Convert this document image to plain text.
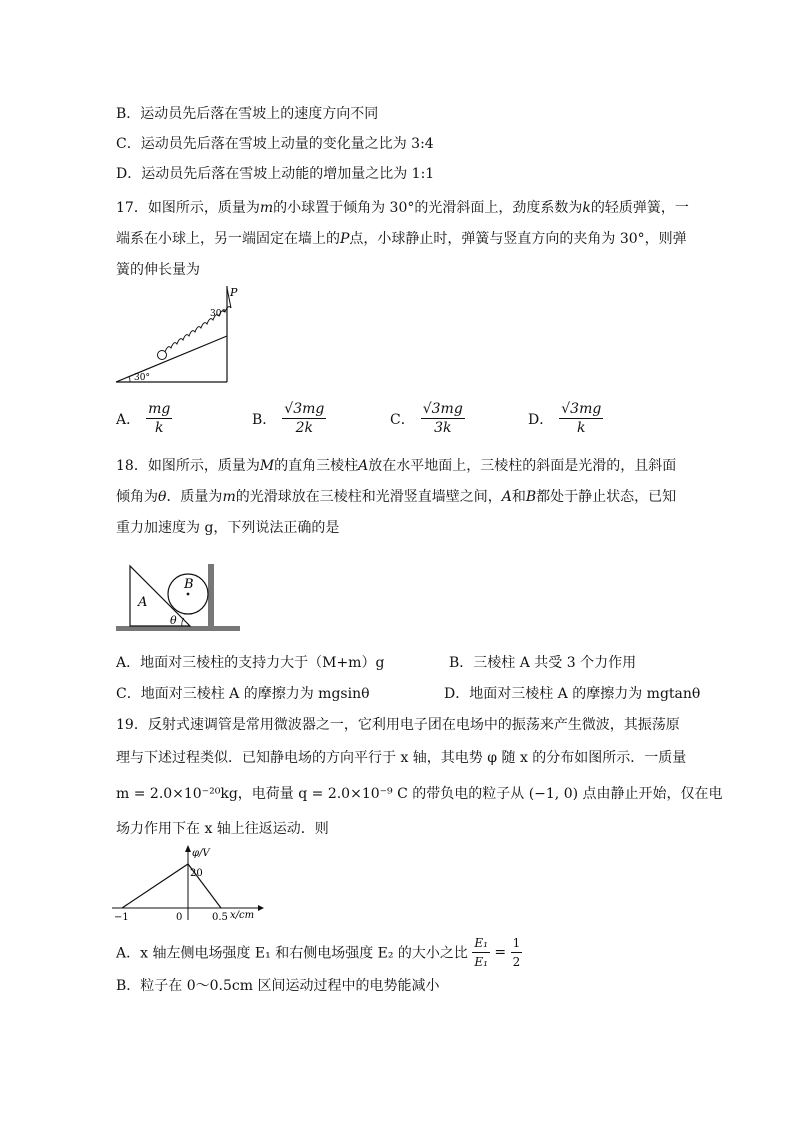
B．运动员先后落在雪坡上的速度方向不同
C．运动员先后落在雪坡上动量的变化量之比为 3:4
D．运动员先后落在雪坡上动能的增加量之比为 1:1
17．如图所示，质量为m的小球置于倾角为 30°的光滑斜面上，劲度系数为k的轻质弹簧，一
端系在小球上，另一端固定在墙上的P点，小球静止时，弹簧与竖直方向的夹角为 30°，则弹
簧的伸长量为
P
30°
30°
A． $\frac{mg}{k}$	B． $\frac{√3mg}{2k}$	C． $\frac{√3mg}{3k}$	D． $\frac{√3mg}{k}$
18．如图所示，质量为M的直角三棱柱A放在水平地面上，三棱柱的斜面是光滑的，且斜面
倾角为θ．质量为m的光滑球放在三棱柱和光滑竖直墙壁之间，A和B都处于静止状态，已知
重力加速度为 g，下列说法正确的是
A
B
θ
A．地面对三棱柱的支持力大于（M+m）g	B．三棱柱 A 共受 3 个力作用
C．地面对三棱柱 A 的摩擦力为 mgsinθ	D．地面对三棱柱 A 的摩擦力为 mgtanθ
19．反射式速调管是常用微波器之一，它利用电子团在电场中的振荡来产生微波，其振荡原
理与下述过程类似．已知静电场的方向平行于 x 轴，其电势 φ 随 x 的分布如图所示．一质量
m = 2.0×10⁻²⁰kg，电荷量 q = 2.0×10⁻⁹ C 的带负电的粒子从 (−1, 0) 点由静止开始，仅在电
场力作用下在 x 轴上往返运动．则
φ/V
x/cm
20
−1	0	0.5
A．x 轴左侧电场强度 E₁ 和右侧电场强度 E₂ 的大小之比 $\frac{\text{E₁}}{\text{E₁}} = \frac{1}{2}$
B．粒子在 0～0.5cm 区间运动过程中的电势能减小
